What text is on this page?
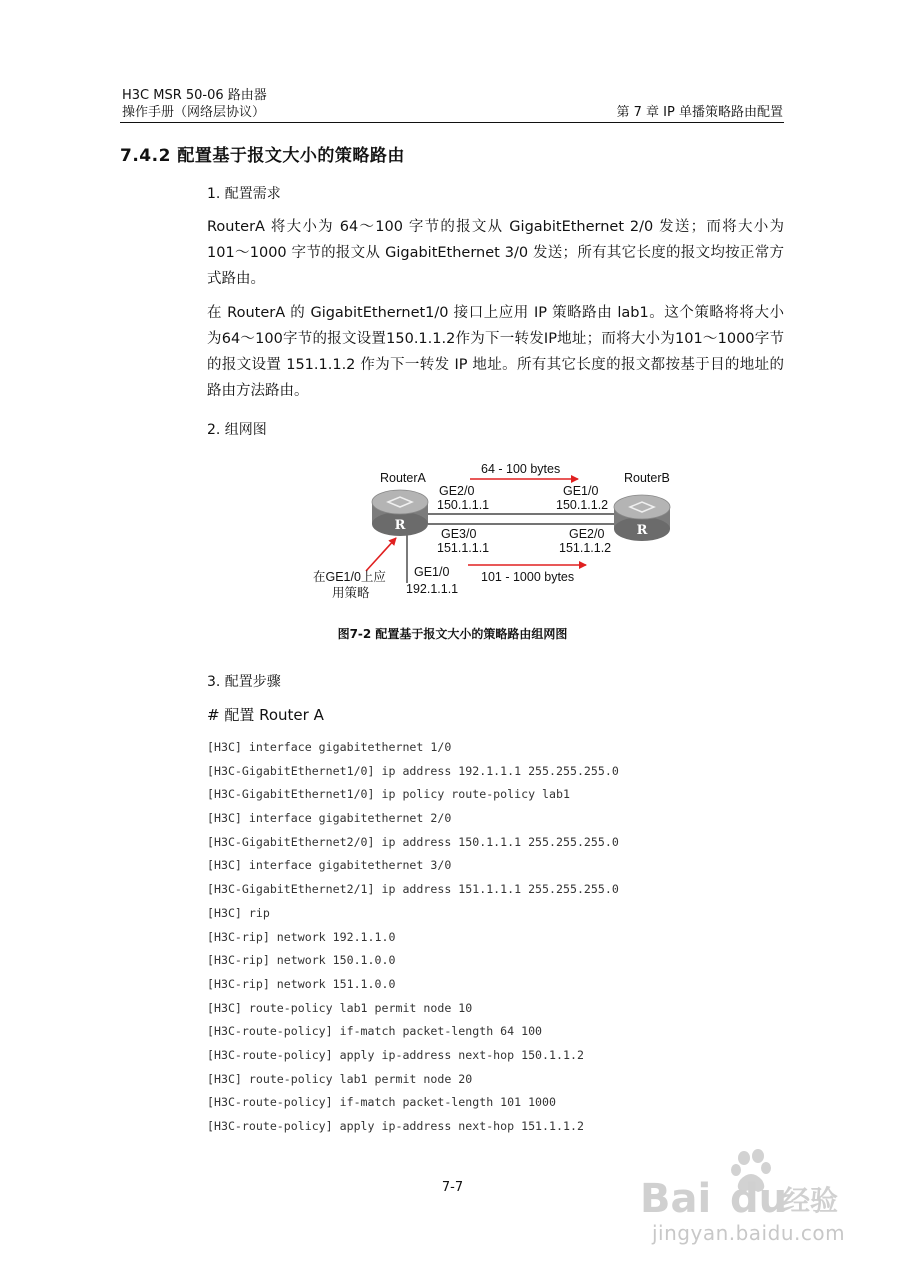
H3C MSR 50-06 路由器
操作手册（网络层协议）	第 7 章 IP 单播策略路由配置
7.4.2 配置基于报文大小的策略路由
1. 配置需求

RouterA 将大小为 64～100 字节的报文从 GigabitEthernet 2/0 发送；而将大小为 101～1000 字节的报文从 GigabitEthernet 3/0 发送；所有其它长度的报文均按正常方式路由。

在 RouterA 的 GigabitEthernet1/0 接口上应用 IP 策略路由 lab1。这个策略将将大小为64～100字节的报文设置150.1.1.2作为下一转发IP地址；而将大小为101～1000字节的报文设置 151.1.1.2 作为下一转发 IP 地址。所有其它长度的报文都按基于目的地址的路由方法路由。

2. 组网图
R	R
RouterA	RouterB
64 - 100 bytes
GE2/0
150.1.1.1
GE1/0
150.1.1.2
GE3/0
151.1.1.1
GE2/0
151.1.1.2
GE1/0
192.1.1.1
101 - 1000 bytes
在GE1/0上应
用策略
图7-2 配置基于报文大小的策略路由组网图
3. 配置步骤
# 配置 Router A
[H3C] interface gigabitethernet 1/0
[H3C-GigabitEthernet1/0] ip address 192.1.1.1 255.255.255.0
[H3C-GigabitEthernet1/0] ip policy route-policy lab1
[H3C] interface gigabitethernet 2/0
[H3C-GigabitEthernet2/0] ip address 150.1.1.1 255.255.255.0
[H3C] interface gigabitethernet 3/0
[H3C-GigabitEthernet2/1] ip address 151.1.1.1 255.255.255.0
[H3C] rip
[H3C-rip] network 192.1.1.0
[H3C-rip] network 150.1.0.0
[H3C-rip] network 151.1.0.0
[H3C] route-policy lab1 permit node 10
[H3C-route-policy] if-match packet-length 64 100
[H3C-route-policy] apply ip-address next-hop 150.1.1.2
[H3C] route-policy lab1 permit node 20
[H3C-route-policy] if-match packet-length 101 1000
[H3C-route-policy] apply ip-address next-hop 151.1.1.2
7-7	Bai du
经验
jingyan.baidu.com
